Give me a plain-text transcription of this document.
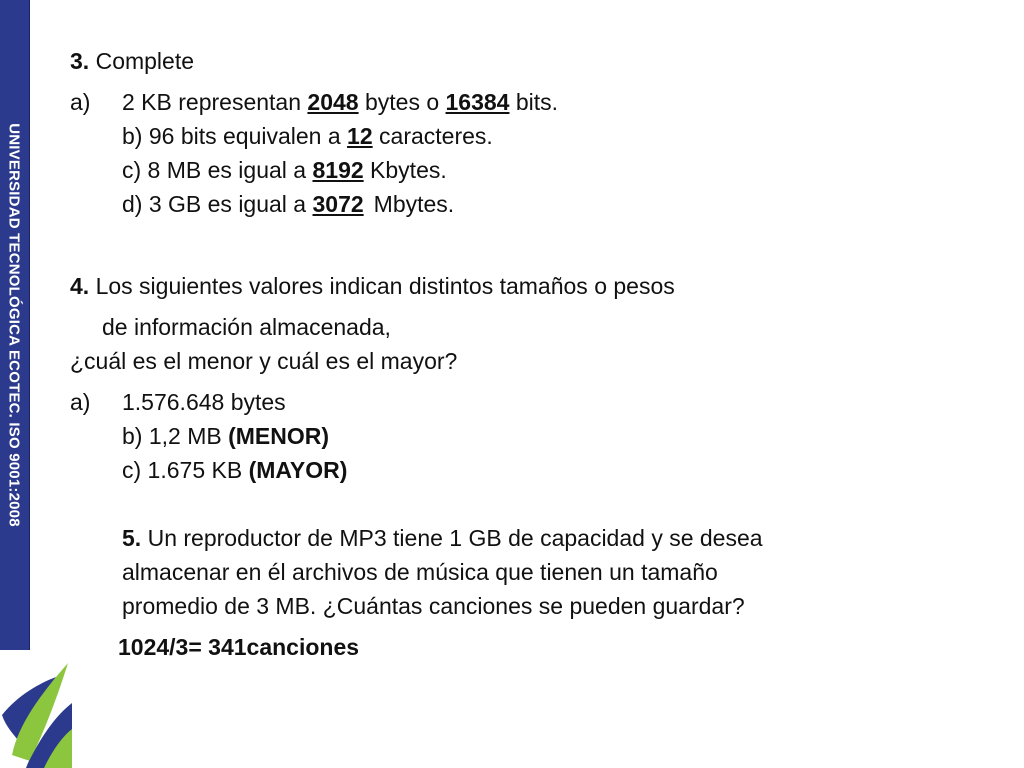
UNIVERSIDAD TECNOLÓGICA ECOTEC. ISO 9001:2008
3. Complete
a) 2 KB representan 2048 bytes o 16384 bits.
b) 96 bits equivalen a 12 caracteres.
c) 8 MB es igual a 8192 Kbytes.
d) 3 GB es igual a 3072 Mbytes.
4. Los siguientes valores indican distintos tamaños o pesos
de información almacenada,
¿cuál es el menor y cuál es el mayor?
a) 1.576.648 bytes
b) 1,2 MB (MENOR)
c) 1.675 KB (MAYOR)
5. Un reproductor de MP3 tiene 1 GB de capacidad y se desea
almacenar en él archivos de música que tienen un tamaño
promedio de 3 MB. ¿Cuántas canciones se pueden guardar?
1024/3= 341canciones
